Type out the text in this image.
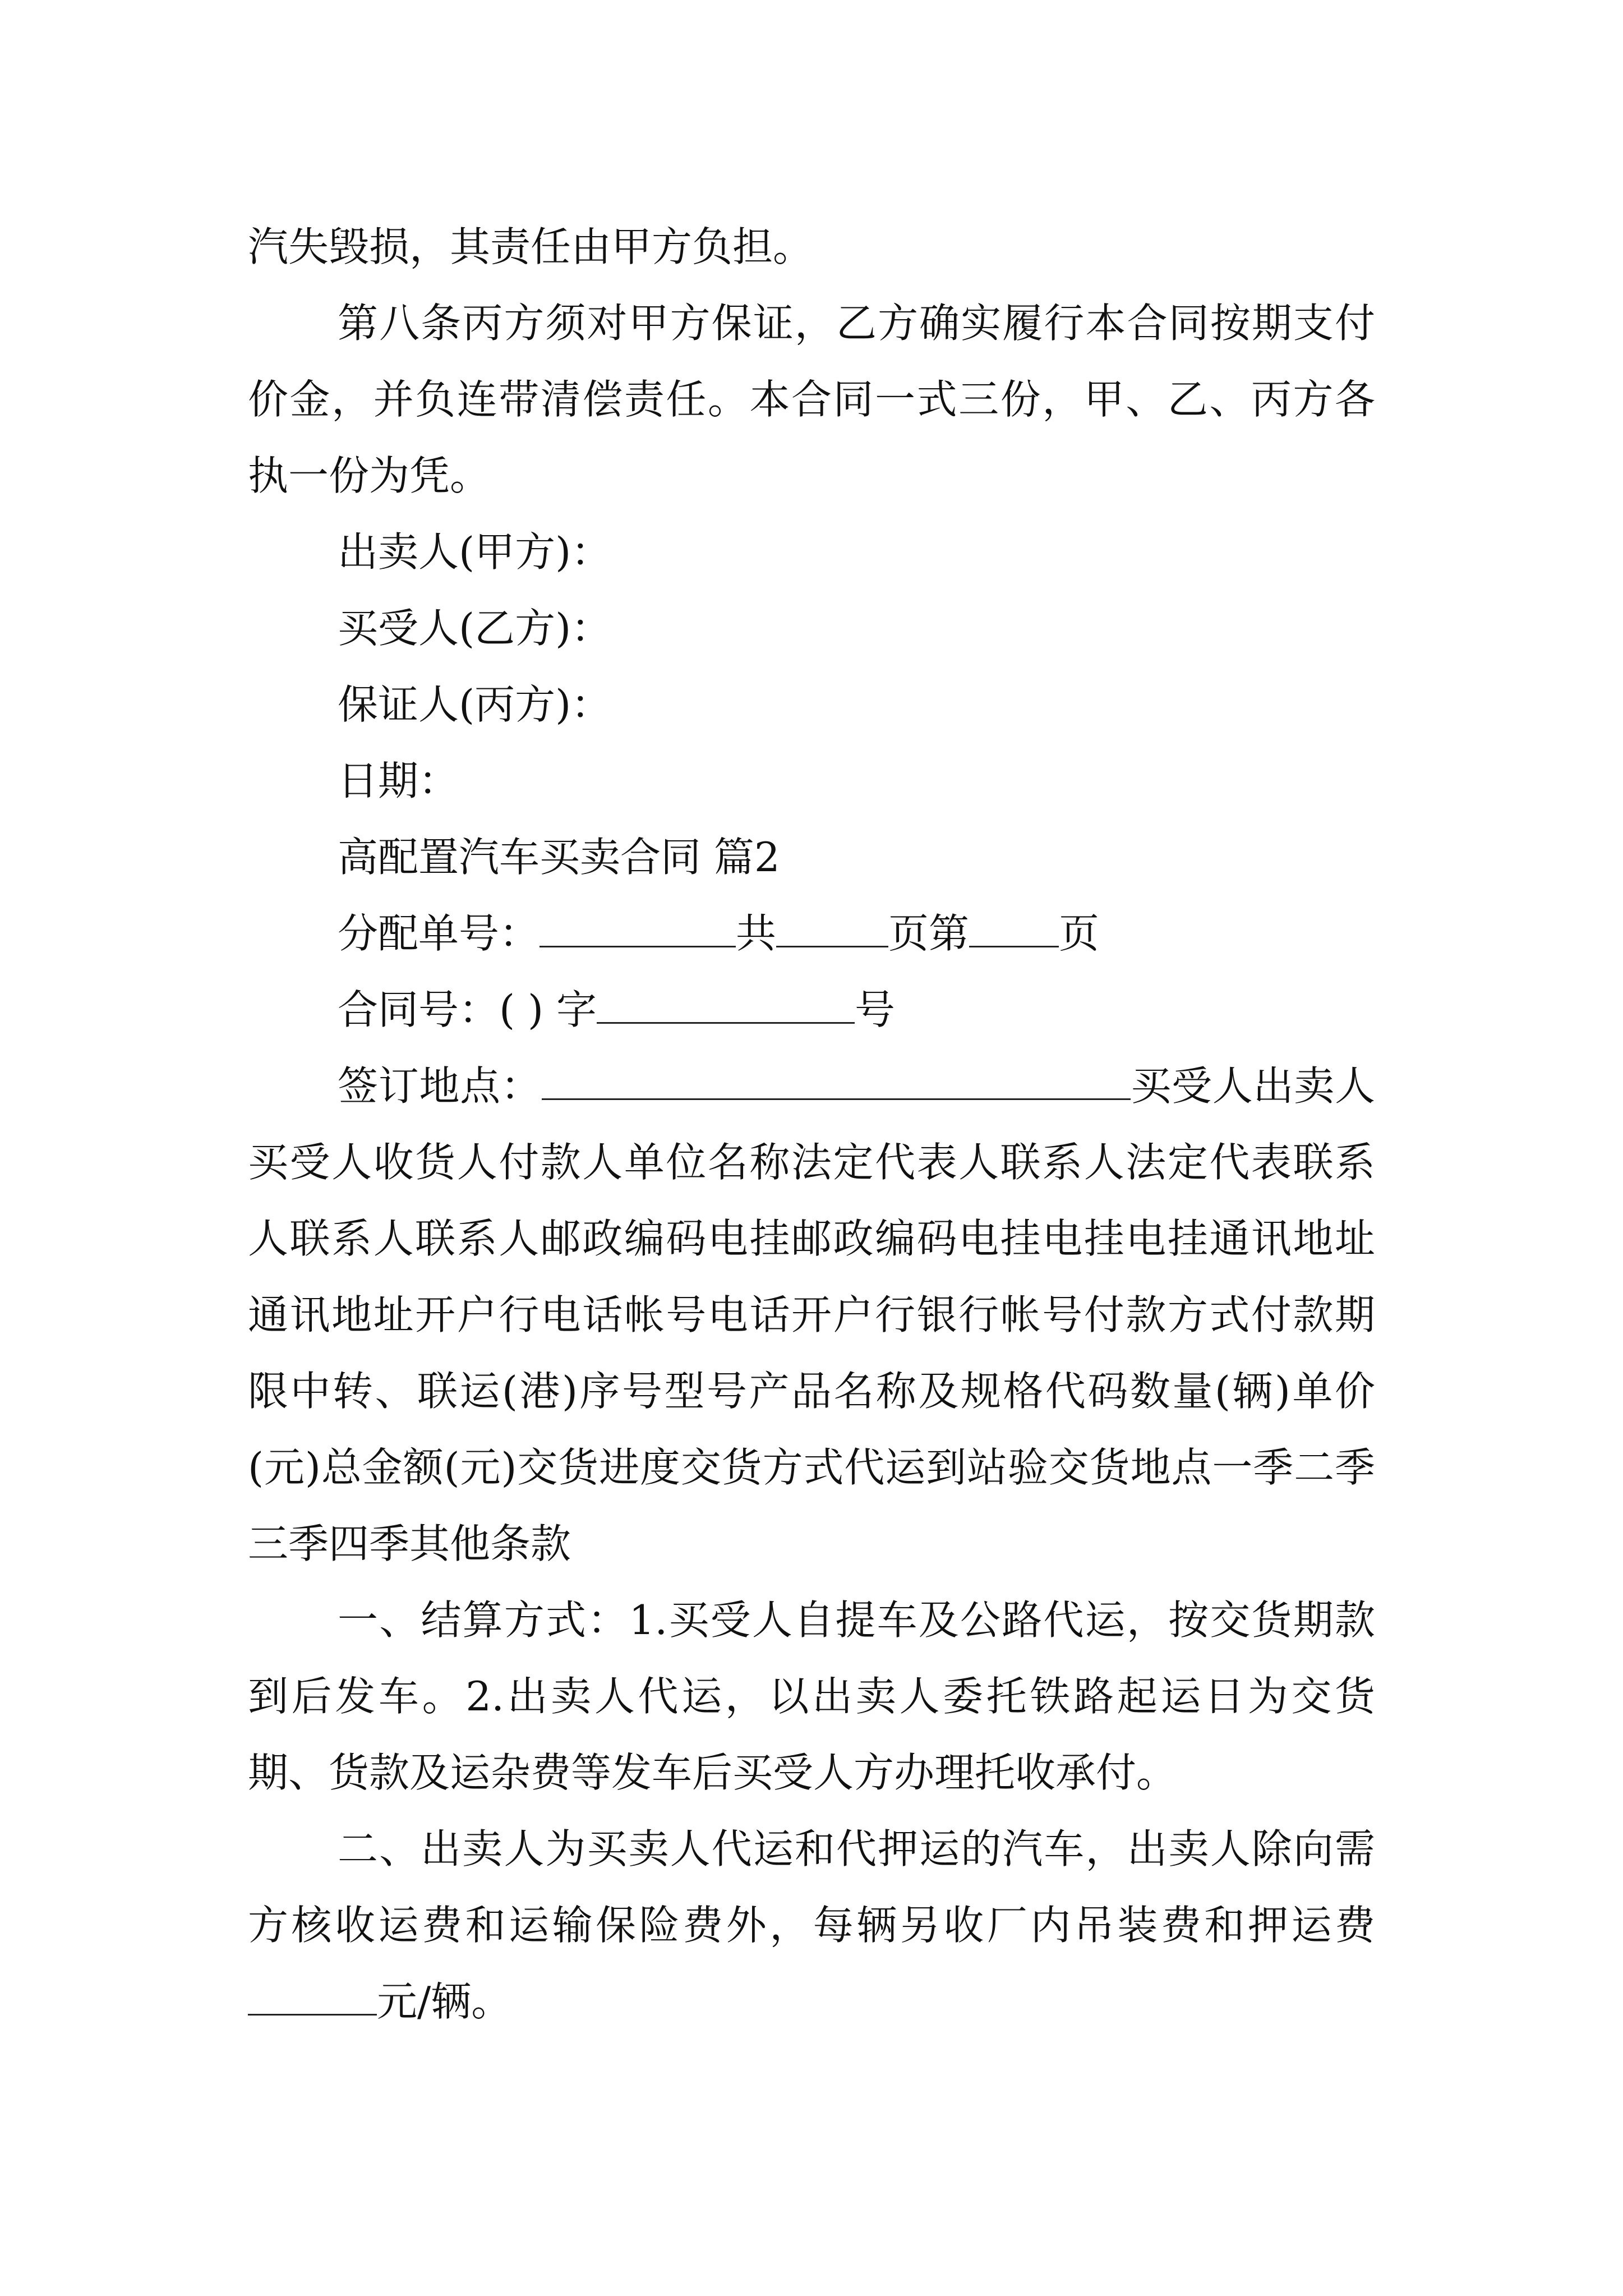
汽失毁损，其责任由甲方负担。

第八条丙方须对甲方保证，乙方确实履行本合同按期支付价金，并负连带清偿责任。本合同一式三份，甲、乙、丙方各执一份为凭。

出卖人(甲方)：

买受人(乙方)：

保证人(丙方)：

日期：

高配置汽车买卖合同 篇2

分配单号：	共	页第 页

合同号：( ) 字	号

签订地点：	买受人出卖人买受人收货人付款人单位名称法定代表人联系人法定代表联系人联系人联系人邮政编码电挂邮政编码电挂电挂电挂通讯地址通讯地址开户行电话帐号电话开户行银行帐号付款方式付款期限中转、联运(港)序号型号产品名称及规格代码数量(辆)单价(元)总金额(元)交货进度交货方式代运到站验交货地点一季二季三季四季其他条款

一、结算方式：1.买受人自提车及公路代运，按交货期款到后发车。2.出卖人代运，以出卖人委托铁路起运日为交货期、货款及运杂费等发车后买受人方办理托收承付。

二、出卖人为买卖人代运和代押运的汽车，出卖人除向需方核收运费和运输保险费外，每辆另收厂内吊装费和押运费元/辆。
